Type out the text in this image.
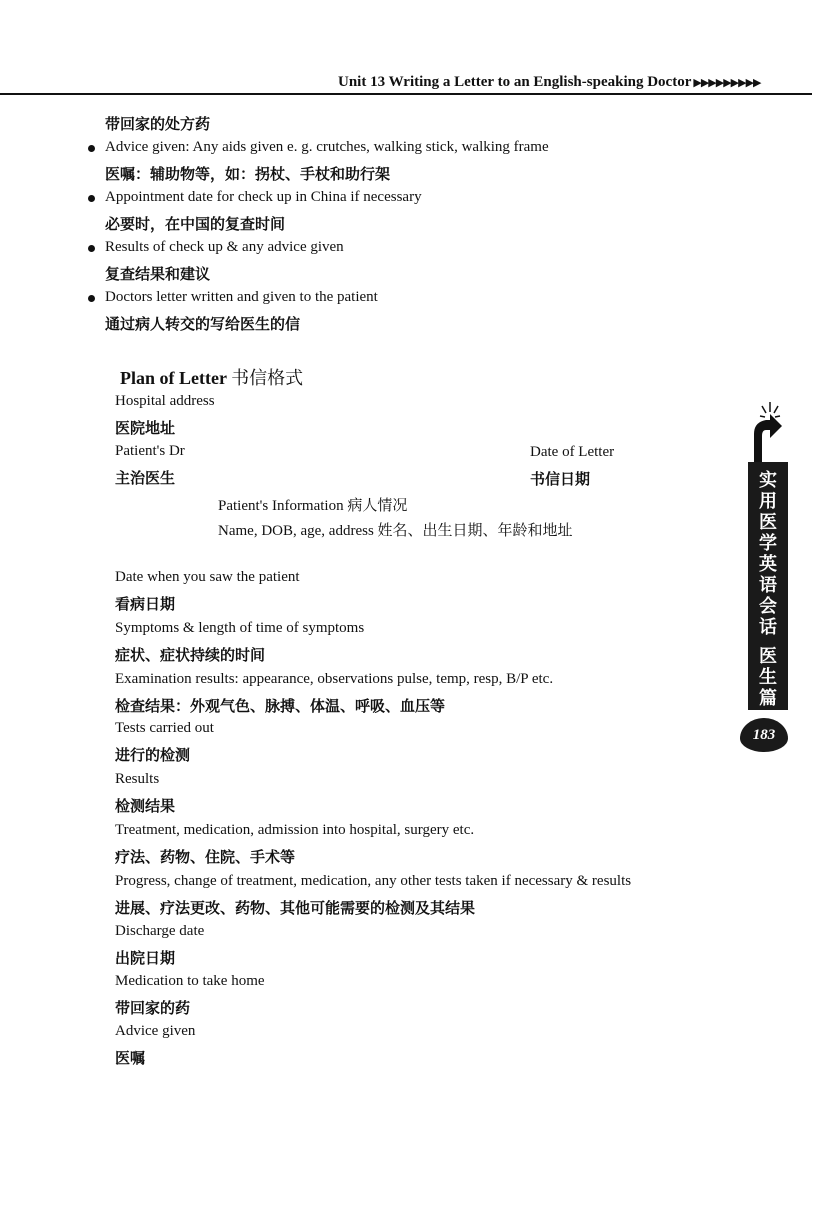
Unit 13 Writing a Letter to an English-speaking Doctor ▶▶▶▶▶▶▶▶▶
带回家的处方药
Advice given: Any aids given e. g. crutches, walking stick, walking frame
医嘱：辅助物等，如：拐杖、手杖和助行架
Appointment date for check up in China if necessary
必要时，在中国的复查时间
Results of check up & any advice given
复查结果和建议
Doctors letter written and given to the patient
通过病人转交的写给医生的信
Plan of Letter 书信格式
Hospital address
医院地址
Patient's Dr
主治医生
Date of Letter
书信日期
Patient's Information 病人情况
Name, DOB, age, address 姓名、出生日期、年龄和地址
Date when you saw the patient
看病日期
Symptoms & length of time of symptoms
症状、症状持续的时间
Examination results: appearance, observations pulse, temp, resp, B/P etc.
检查结果：外观气色、脉搏、体温、呼吸、血压等
Tests carried out
进行的检测
Results
检测结果
Treatment, medication, admission into hospital, surgery etc.
疗法、药物、住院、手术等
Progress, change of treatment, medication, any other tests taken if necessary & results
进展、疗法更改、药物、其他可能需要的检测及其结果
Discharge date
出院日期
Medication to take home
带回家的药
Advice given
医嘱
实
用
医
学
英
语
会
话
医
生
篇
183
